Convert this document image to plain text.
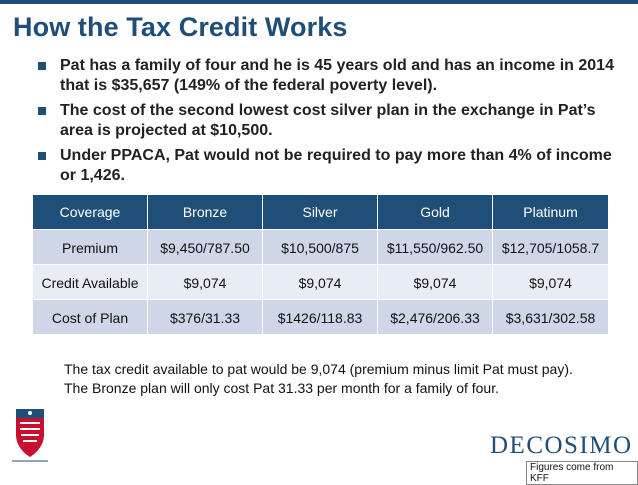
How the Tax Credit Works
Pat has a family of four and he is 45 years old and has an income in 2014 that is $35,657 (149% of the federal poverty level).
The cost of the second lowest cost silver plan in the exchange in Pat’s area is projected at $10,500.
Under PPACA, Pat would not be required to pay more than 4% of income or 1,426.
Coverage	Bronze	Silver	Gold	Platinum
Premium	$9,450/787.50	$10,500/875	$11,550/962.50	$12,705/1058.7
Credit Available	$9,074	$9,074	$9,074	$9,074
Cost of Plan	$376/31.33	$1426/118.83	$2,476/206.33	$3,631/302.58

The tax credit available to pat would be 9,074 (premium minus limit Pat must pay).

The Bronze plan will only cost Pat 31.33 per month for a family of four.

DECOSIMO
Figures come from KFF
